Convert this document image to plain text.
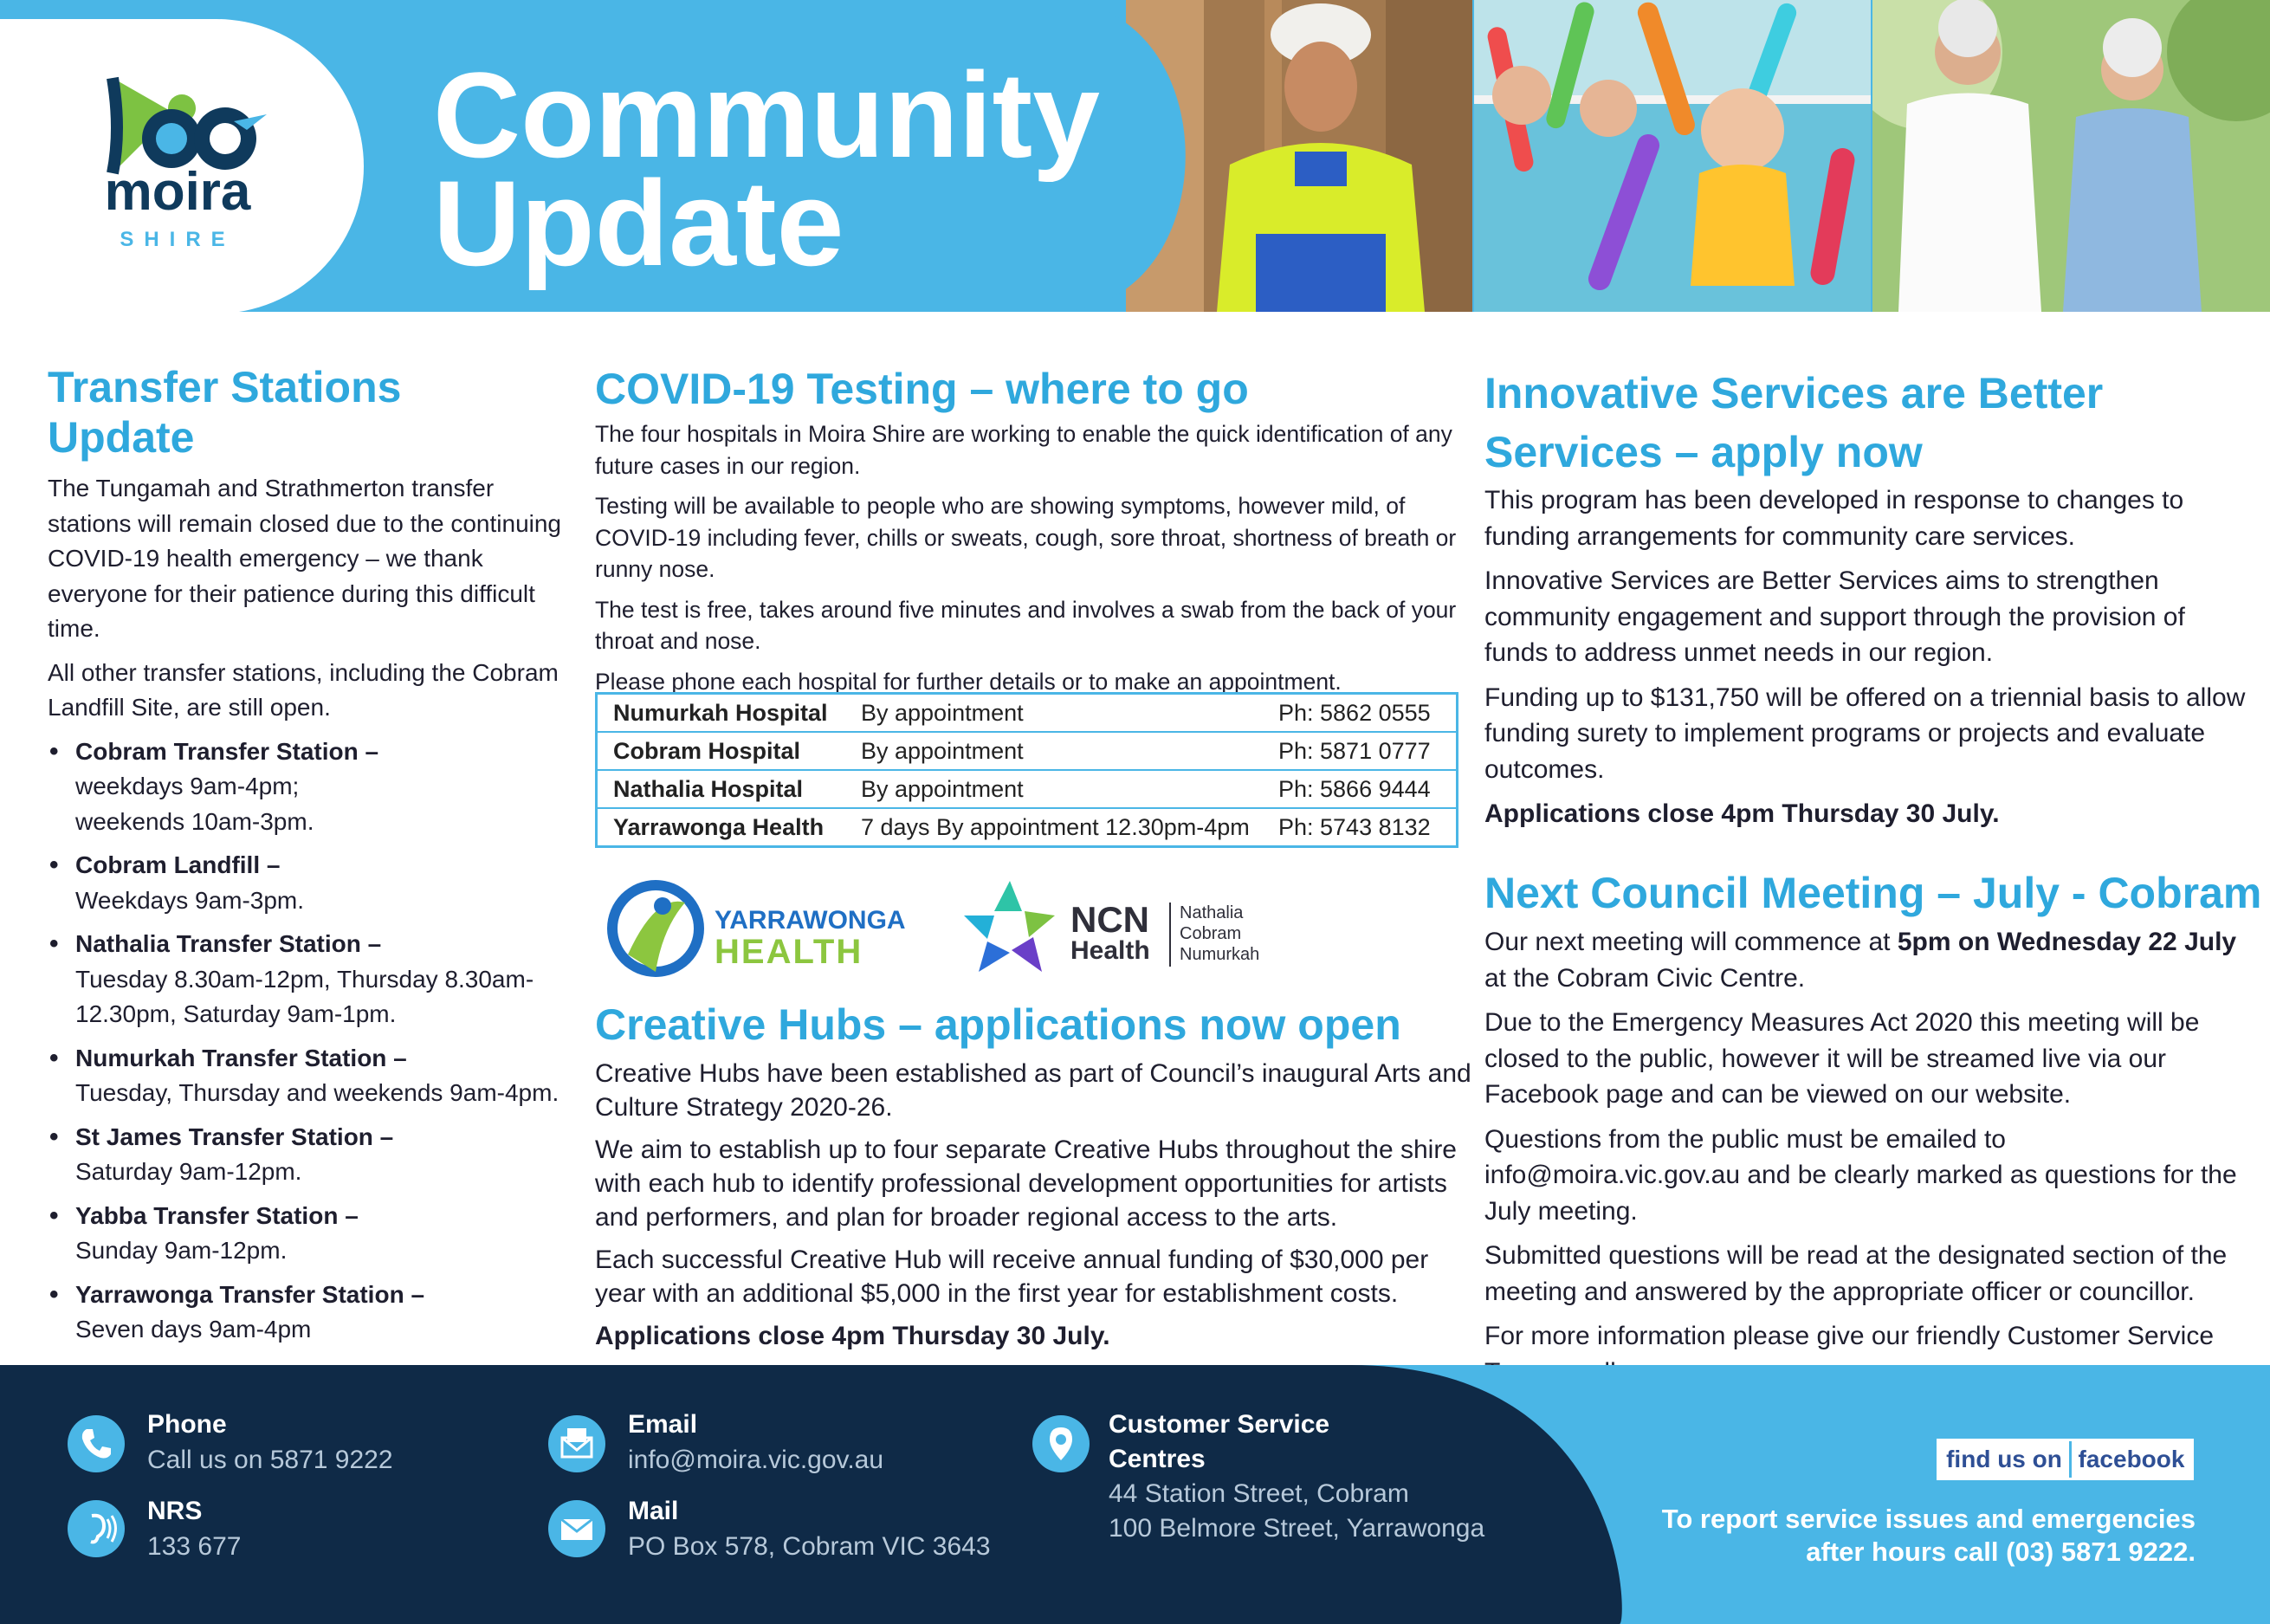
moira
SHIRE
Community
Update
Transfer Stations
Update

The Tungamah and Strathmerton transfer stations will remain closed due to the continuing COVID-19 health emergency – we thank everyone for their patience during this difficult time.

All other transfer stations, including the Cobram Landfill Site, are still open.

• Cobram Transfer Station –
weekdays 9am-4pm;
weekends 10am-3pm.
• Cobram Landfill –
Weekdays 9am-3pm.
• Nathalia Transfer Station –
Tuesday 8.30am-12pm, Thursday 8.30am-12.30pm, Saturday 9am-1pm.
• Numurkah Transfer Station –
Tuesday, Thursday and weekends 9am-4pm.
• St James Transfer Station –
Saturday 9am-12pm.
• Yabba Transfer Station –
Sunday 9am-12pm.
• Yarrawonga Transfer Station –
Seven days 9am-4pm
COVID-19 Testing – where to go

The four hospitals in Moira Shire are working to enable the quick identification of any future cases in our region.

Testing will be available to people who are showing symptoms, however mild, of COVID-19 including fever, chills or sweats, cough, sore throat, shortness of breath or runny nose.

The test is free, takes around five minutes and involves a swab from the back of your throat and nose.

Please phone each hospital for further details or to make an appointment.

Numurkah Hospital	By appointment	Ph: 5862 0555
Cobram Hospital	By appointment	Ph: 5871 0777
Nathalia Hospital	By appointment	Ph: 5866 9444
Yarrawonga Health	7 days By appointment 12.30pm-4pm	Ph: 5743 8132
YARRAWONGA
HEALTH
NCN
Health
Nathalia
Cobram
Numurkah
Creative Hubs – applications now open

Creative Hubs have been established as part of Council’s inaugural Arts and Culture Strategy 2020-26.

We aim to establish up to four separate Creative Hubs throughout the shire with each hub to identify professional development opportunities for artists and performers, and plan for broader regional access to the arts.

Each successful Creative Hub will receive annual funding of $30,000 per year with an additional $5,000 in the first year for establishment costs.

Applications close 4pm Thursday 30 July.

Innovative Services are Better
Services – apply now

This program has been developed in response to changes to funding arrangements for community care services.

Innovative Services are Better Services aims to strengthen community engagement and support through the provision of funds to address unmet needs in our region.

Funding up to $131,750 will be offered on a triennial basis to allow funding surety to implement programs or projects and evaluate outcomes.

Applications close 4pm Thursday 30 July.

Next Council Meeting – July - Cobram

Our next meeting will commence at 5pm on Wednesday 22 July at the Cobram Civic Centre.

Due to the Emergency Measures Act 2020 this meeting will be closed to the public, however it will be streamed live via our Facebook page and can be viewed on our website.

Questions from the public must be emailed to info@moira.vic.gov.au and be clearly marked as questions for the July meeting.

Submitted questions will be read at the designated section of the meeting and answered by the appropriate officer or councillor.

For more information please give our friendly Customer Service

Phone
Call us on 5871 9222
NRS
133 677
Email
info@moira.vic.gov.au
Mail
PO Box 578, Cobram VIC 3643
Customer Service
Centres
44 Station Street, Cobram
100 Belmore Street, Yarrawonga
find us on facebook
To report service issues and emergencies
after hours call (03) 5871 9222.
